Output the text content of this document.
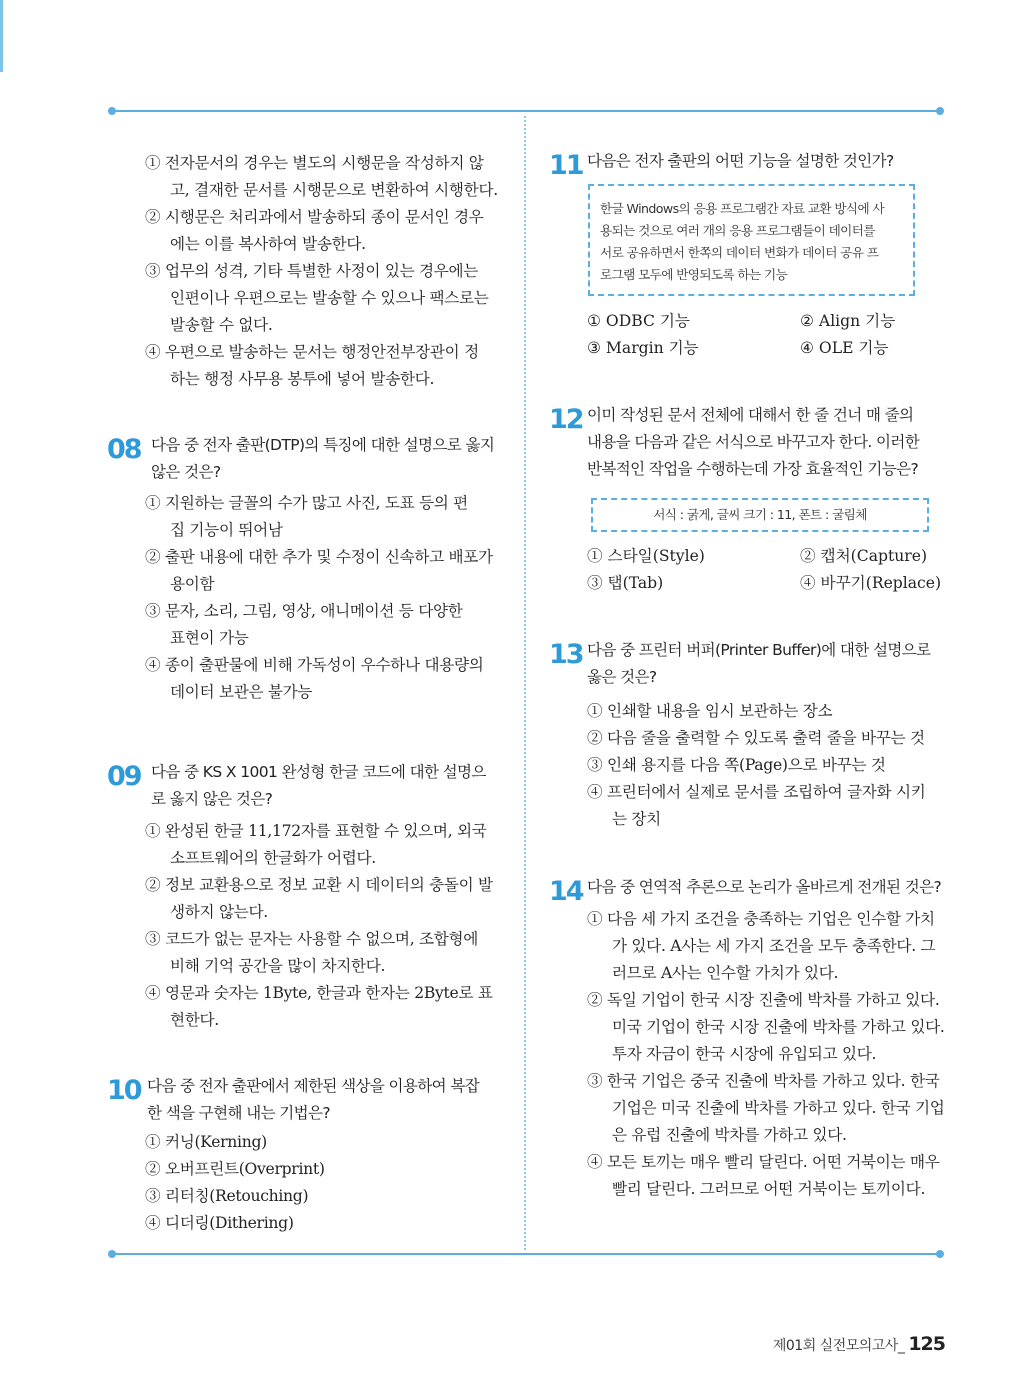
① 전자문서의 경우는 별도의 시행문을 작성하지 않
고, 결재한 문서를 시행문으로 변환하여 시행한다.
② 시행문은 처리과에서 발송하되 종이 문서인 경우
에는 이를 복사하여 발송한다.
③ 업무의 성격, 기타 특별한 사정이 있는 경우에는
인편이나 우편으로는 발송할 수 있으나 팩스로는
발송할 수 없다.
④ 우편으로 발송하는 문서는 행정안전부장관이 정
하는 행정 사무용 봉투에 넣어 발송한다.
08 다음 중 전자 출판(DTP)의 특징에 대한 설명으로 옳지
않은 것은?
① 지원하는 글꼴의 수가 많고 사진, 도표 등의 편
집 기능이 뛰어남
② 출판 내용에 대한 추가 및 수정이 신속하고 배포가
용이함
③ 문자, 소리, 그림, 영상, 애니메이션 등 다양한
표현이 가능
④ 종이 출판물에 비해 가독성이 우수하나 대용량의
데이터 보관은 불가능
09 다음 중 KS X 1001 완성형 한글 코드에 대한 설명으
로 옳지 않은 것은?
① 완성된 한글 11,172자를 표현할 수 있으며, 외국
소프트웨어의 한글화가 어렵다.
② 정보 교환용으로 정보 교환 시 데이터의 충돌이 발
생하지 않는다.
③ 코드가 없는 문자는 사용할 수 없으며, 조합형에
비해 기억 공간을 많이 차지한다.
④ 영문과 숫자는 1Byte, 한글과 한자는 2Byte로 표
현한다.
10 다음 중 전자 출판에서 제한된 색상을 이용하여 복잡
한 색을 구현해 내는 기법은?
① 커닝(Kerning)
② 오버프린트(Overprint)
③ 리터칭(Retouching)
④ 디더링(Dithering)
11 다음은 전자 출판의 어떤 기능을 설명한 것인가?
한글 Windows의 응용 프로그램간 자료 교환 방식에 사
용되는 것으로 여러 개의 응용 프로그램들이 데이터를
서로 공유하면서 한쪽의 데이터 변화가 데이터 공유 프
로그램 모두에 반영되도록 하는 기능
① ODBC 기능	② Align 기능
③ Margin 기능	④ OLE 기능
12 이미 작성된 문서 전체에 대해서 한 줄 건너 매 줄의
내용을 다음과 같은 서식으로 바꾸고자 한다. 이러한
반복적인 작업을 수행하는데 가장 효율적인 기능은?
서식 : 굵게, 글씨 크기 : 11, 폰트 : 굴림체
① 스타일(Style)	② 캡처(Capture)
③ 탭(Tab)	④ 바꾸기(Replace)
13 다음 중 프린터 버퍼(Printer Buffer)에 대한 설명으로
옳은 것은?
① 인쇄할 내용을 임시 보관하는 장소
② 다음 줄을 출력할 수 있도록 출력 줄을 바꾸는 것
③ 인쇄 용지를 다음 쪽(Page)으로 바꾸는 것
④ 프린터에서 실제로 문서를 조립하여 글자화 시키
는 장치
14 다음 중 연역적 추론으로 논리가 올바르게 전개된 것은?
① 다음 세 가지 조건을 충족하는 기업은 인수할 가치
가 있다. A사는 세 가지 조건을 모두 충족한다. 그
러므로 A사는 인수할 가치가 있다.
② 독일 기업이 한국 시장 진출에 박차를 가하고 있다.
미국 기업이 한국 시장 진출에 박차를 가하고 있다.
투자 자금이 한국 시장에 유입되고 있다.
③ 한국 기업은 중국 진출에 박차를 가하고 있다. 한국
기업은 미국 진출에 박차를 가하고 있다. 한국 기업
은 유럽 진출에 박차를 가하고 있다.
④ 모든 토끼는 매우 빨리 달린다. 어떤 거북이는 매우
빨리 달린다. 그러므로 어떤 거북이는 토끼이다.
제01회 실전모의고사_ 125
